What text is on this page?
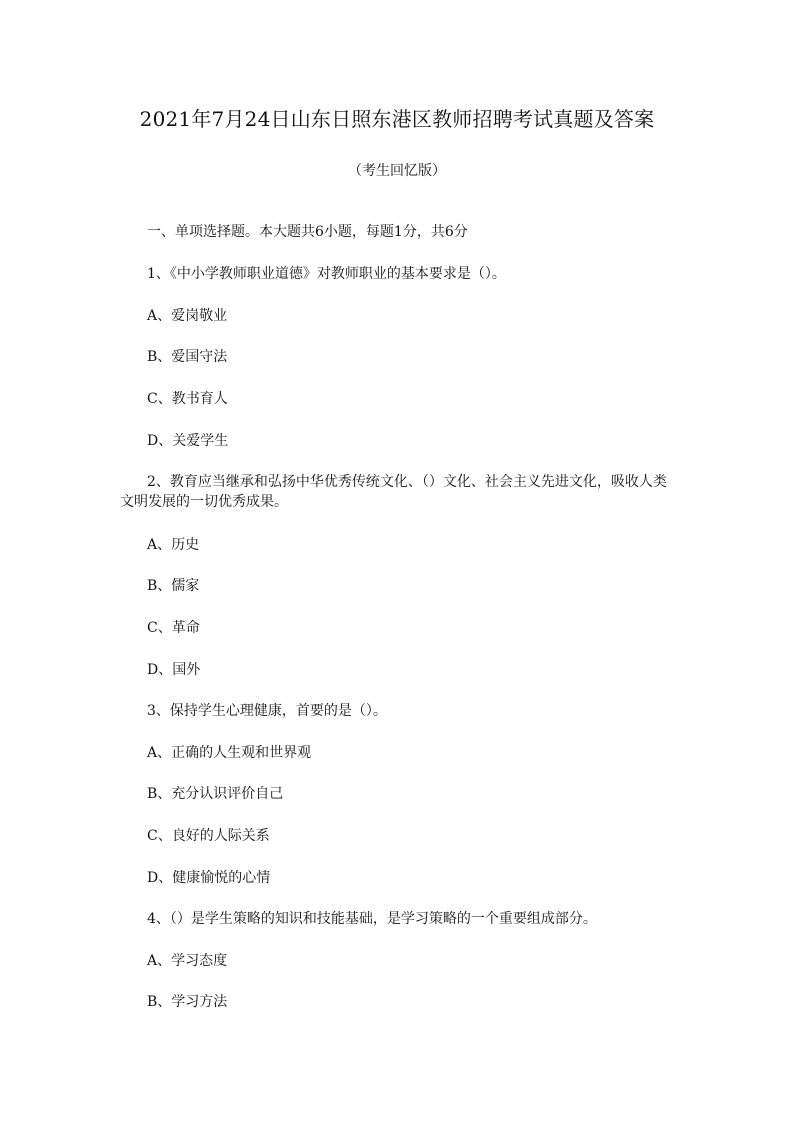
2021年7月24日山东日照东港区教师招聘考试真题及答案
（考生回忆版）
一、单项选择题。本大题共6小题，每题1分，共6分
1、《中小学教师职业道德》对教师职业的基本要求是（）。
A、爱岗敬业
B、爱国守法
C、教书育人
D、关爱学生
2、教育应当继承和弘扬中华优秀传统文化、（）文化、社会主义先进文化，吸收人类
文明发展的一切优秀成果。
A、历史
B、儒家
C、革命
D、国外
3、保持学生心理健康，首要的是（）。
A、正确的人生观和世界观
B、充分认识评价自己
C、良好的人际关系
D、健康愉悦的心情
4、（）是学生策略的知识和技能基础，是学习策略的一个重要组成部分。
A、学习态度
B、学习方法
